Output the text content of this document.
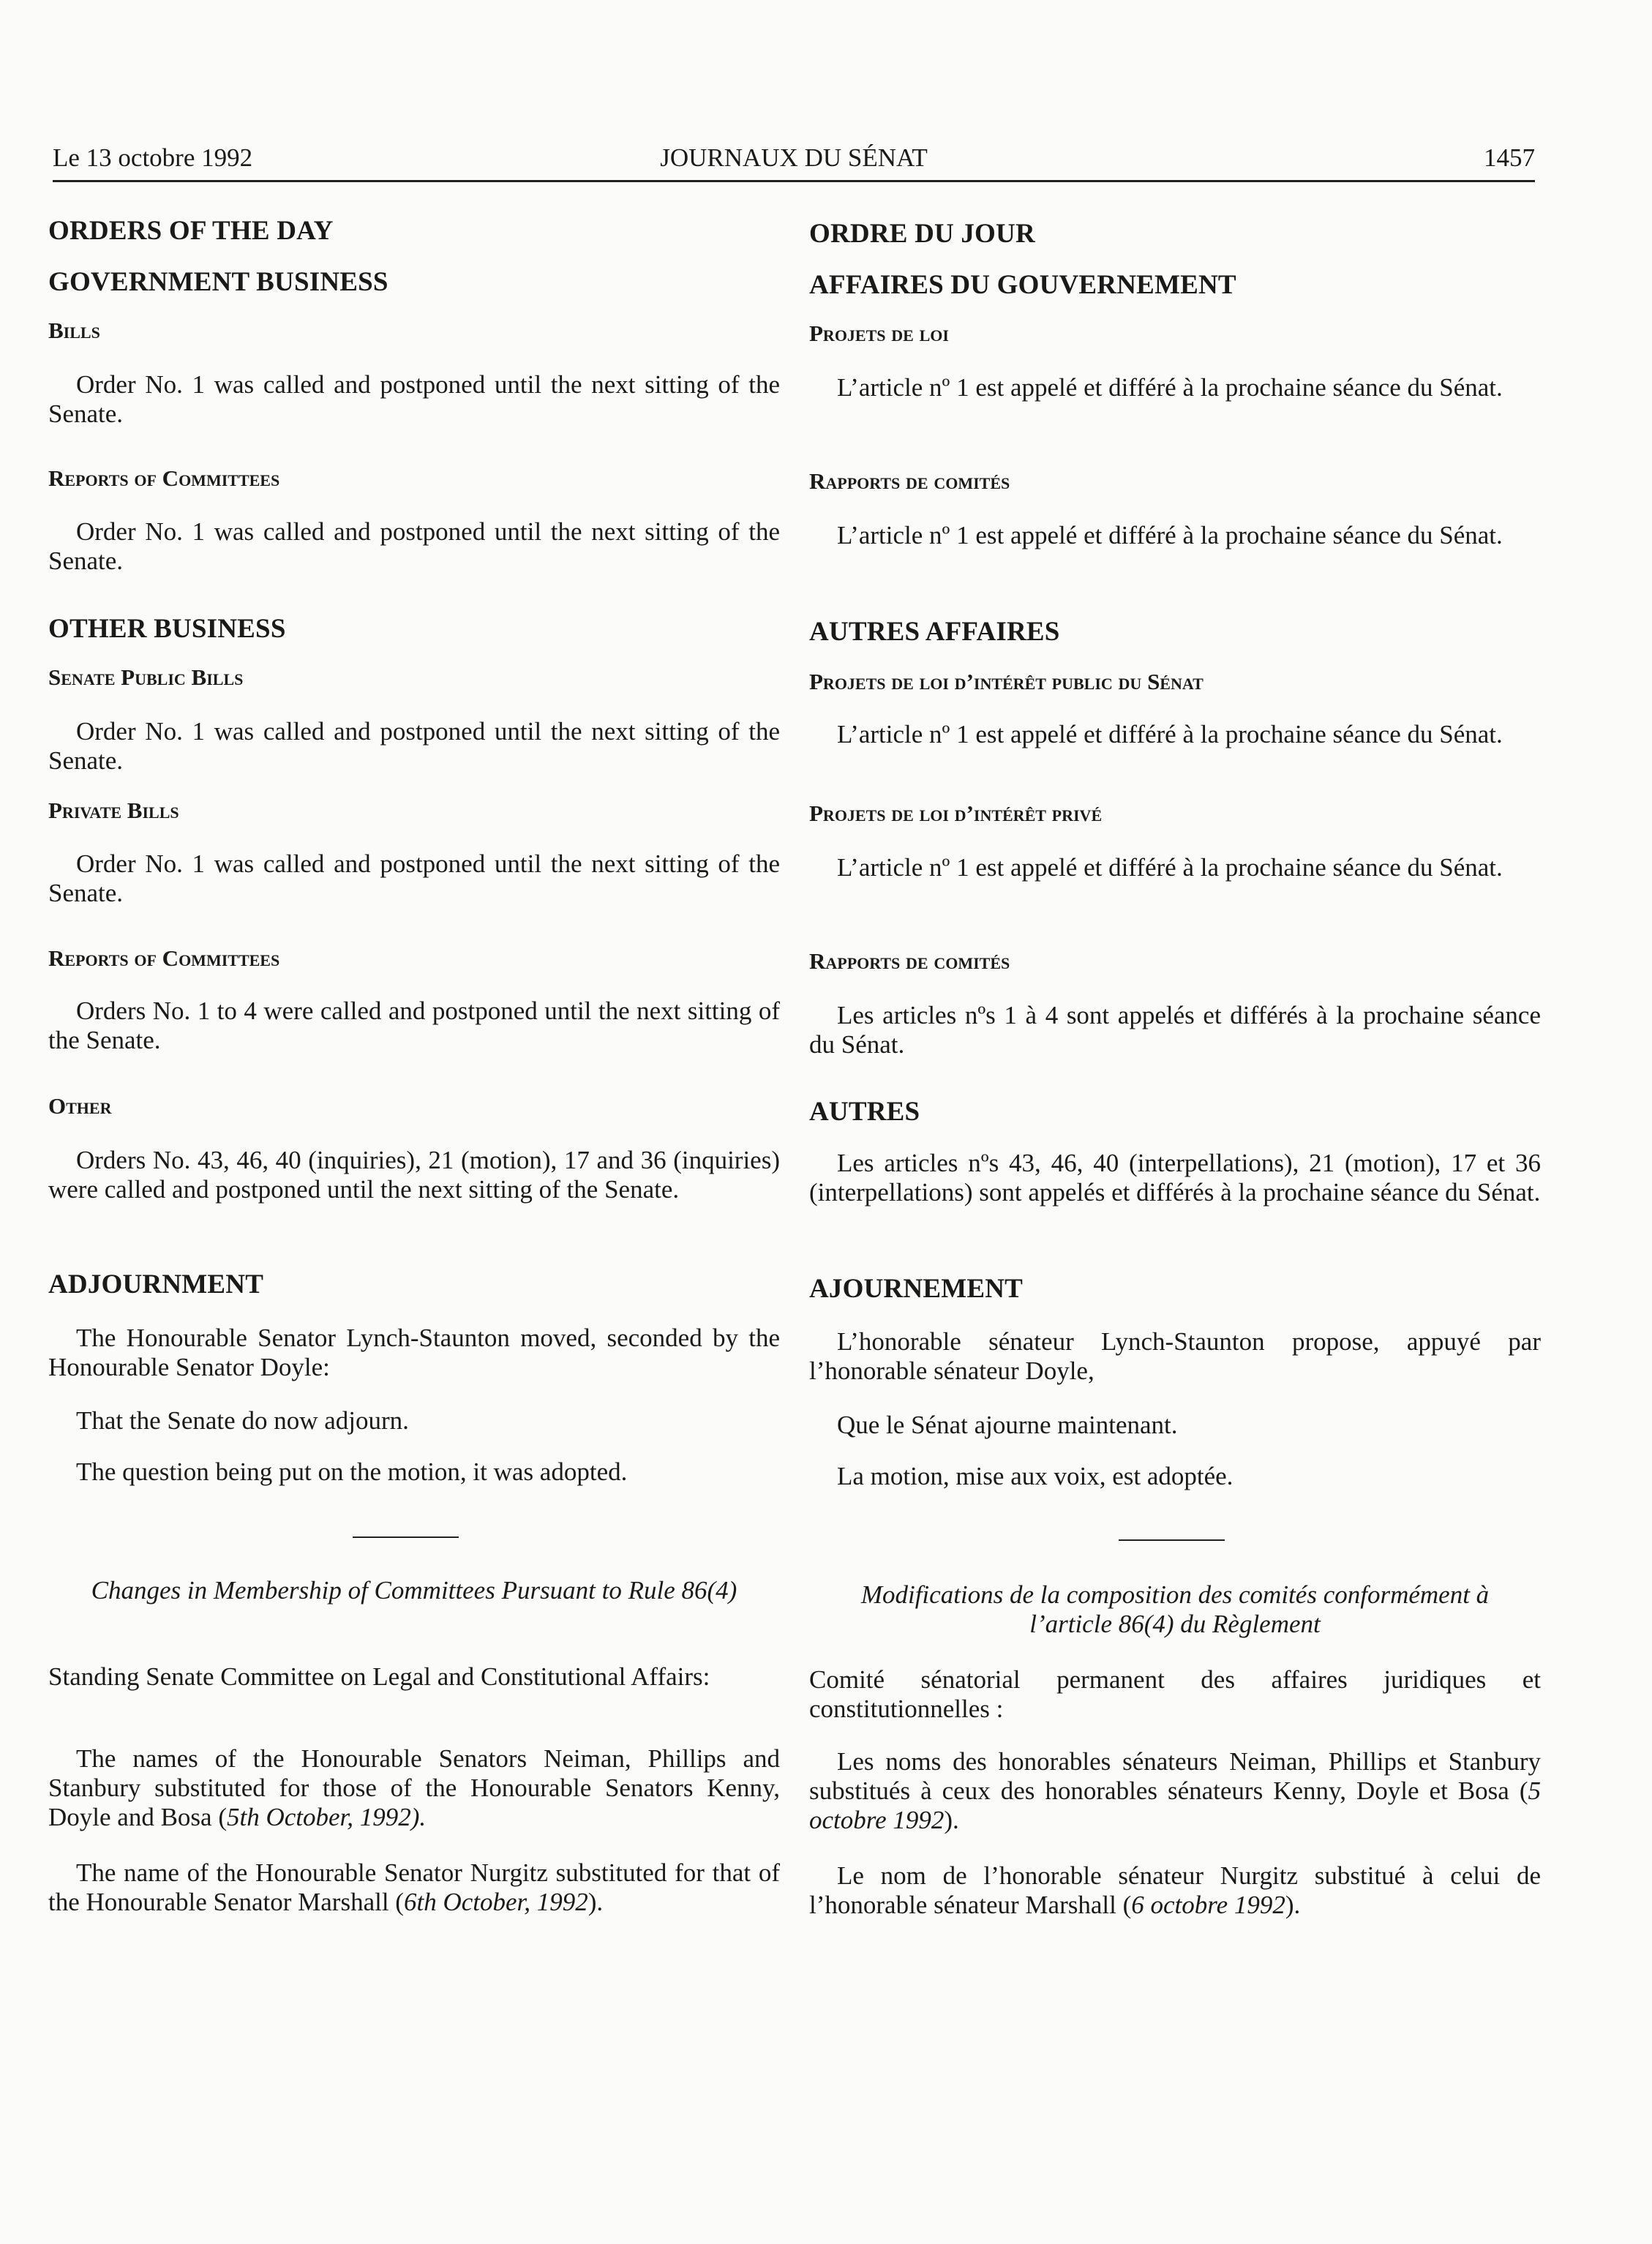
Le 13 octobre 1992	JOURNAUX DU SÉNAT	1457
ORDERS OF THE DAY
GOVERNMENT BUSINESS
Bills
Order No. 1 was called and postponed until the next sitting of the Senate.
Reports of Committees
Order No. 1 was called and postponed until the next sitting of the Senate.
OTHER BUSINESS
Senate Public Bills
Order No. 1 was called and postponed until the next sitting of the Senate.
Private Bills
Order No. 1 was called and postponed until the next sitting of the Senate.
Reports of Committees
Orders No. 1 to 4 were called and postponed until the next sitting of the Senate.
Other
Orders No. 43, 46, 40 (inquiries), 21 (motion), 17 and 36 (inquiries) were called and postponed until the next sitting of the Senate.
ADJOURNMENT
The Honourable Senator Lynch-Staunton moved, seconded by the Honourable Senator Doyle:
That the Senate do now adjourn.
The question being put on the motion, it was adopted.
Changes in Membership of Committees Pursuant to Rule 86(4)
Standing Senate Committee on Legal and Constitutional Affairs:
The names of the Honourable Senators Neiman, Phillips and Stanbury substituted for those of the Honourable Senators Kenny, Doyle and Bosa (5th October, 1992).
The name of the Honourable Senator Nurgitz substituted for that of the Honourable Senator Marshall (6th October, 1992).
ORDRE DU JOUR
AFFAIRES DU GOUVERNEMENT
Projets de loi
L’article nº 1 est appelé et différé à la prochaine séance du Sénat.
Rapports de comités
L’article nº 1 est appelé et différé à la prochaine séance du Sénat.
AUTRES AFFAIRES
Projets de loi d’intérêt public du Sénat
L’article nº 1 est appelé et différé à la prochaine séance du Sénat.
Projets de loi d’intérêt privé
L’article nº 1 est appelé et différé à la prochaine séance du Sénat.
Rapports de comités
Les articles nºs 1 à 4 sont appelés et différés à la prochaine séance du Sénat.
AUTRES
Les articles nºs 43, 46, 40 (interpellations), 21 (motion), 17 et 36 (interpellations) sont appelés et différés à la prochaine séance du Sénat.
AJOURNEMENT
L’honorable sénateur Lynch-Staunton propose, appuyé par l’honorable sénateur Doyle,
Que le Sénat ajourne maintenant.
La motion, mise aux voix, est adoptée.
Modifications de la composition des comités conformément à l’article 86(4) du Règlement
Comité sénatorial permanent des affaires juridiques et constitutionnelles :
Les noms des honorables sénateurs Neiman, Phillips et Stanbury substitués à ceux des honorables sénateurs Kenny, Doyle et Bosa (5 octobre 1992).
Le nom de l’honorable sénateur Nurgitz substitué à celui de l’honorable sénateur Marshall (6 octobre 1992).
